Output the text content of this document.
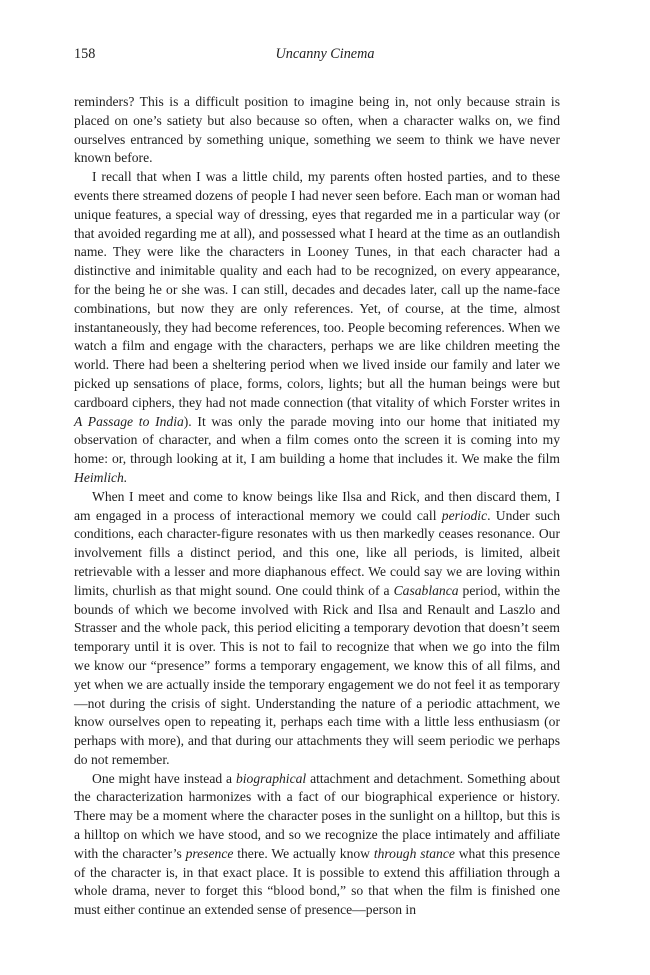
158	Uncanny Cinema

reminders? This is a difficult position to imagine being in, not only because strain is placed on one’s satiety but also because so often, when a character walks on, we find ourselves entranced by something unique, something we seem to think we have never known before.

I recall that when I was a little child, my parents often hosted parties, and to these events there streamed dozens of people I had never seen before. Each man or woman had unique features, a special way of dressing, eyes that regarded me in a particular way (or that avoided regarding me at all), and possessed what I heard at the time as an outlandish name. They were like the characters in Looney Tunes, in that each character had a distinctive and inimitable quality and each had to be recognized, on every appearance, for the being he or she was. I can still, decades and decades later, call up the name-face combinations, but now they are only references. Yet, of course, at the time, almost instantaneously, they had become references, too. People becoming references. When we watch a film and engage with the characters, perhaps we are like children meeting the world. There had been a sheltering period when we lived inside our family and later we picked up sensations of place, forms, colors, lights; but all the human beings were but cardboard ciphers, they had not made connection (that vitality of which Forster writes in A Passage to India). It was only the parade moving into our home that initiated my observation of character, and when a film comes onto the screen it is coming into my home: or, through looking at it, I am building a home that includes it. We make the film Heimlich.

When I meet and come to know beings like Ilsa and Rick, and then discard them, I am engaged in a process of interactional memory we could call periodic. Under such conditions, each character-figure resonates with us then markedly ceases resonance. Our involvement fills a distinct period, and this one, like all periods, is limited, albeit retrievable with a lesser and more diaphanous effect. We could say we are loving within limits, churlish as that might sound. One could think of a Casablanca period, within the bounds of which we become involved with Rick and Ilsa and Renault and Laszlo and Strasser and the whole pack, this period eliciting a temporary devotion that doesn’t seem temporary until it is over. This is not to fail to recognize that when we go into the film we know our “presence” forms a temporary engagement, we know this of all films, and yet when we are actually inside the temporary engagement we do not feel it as temporary—not during the crisis of sight. Understanding the nature of a periodic attachment, we know ourselves open to repeating it, perhaps each time with a little less enthusiasm (or perhaps with more), and that during our attachments they will seem periodic we perhaps do not remember.

One might have instead a biographical attachment and detachment. Something about the characterization harmonizes with a fact of our biographical experience or history. There may be a moment where the character poses in the sunlight on a hilltop, but this is a hilltop on which we have stood, and so we recognize the place intimately and affiliate with the character’s presence there. We actually know through stance what this presence of the character is, in that exact place. It is possible to extend this affiliation through a whole drama, never to forget this “blood bond,” so that when the film is finished one must either continue an extended sense of presence—person in
